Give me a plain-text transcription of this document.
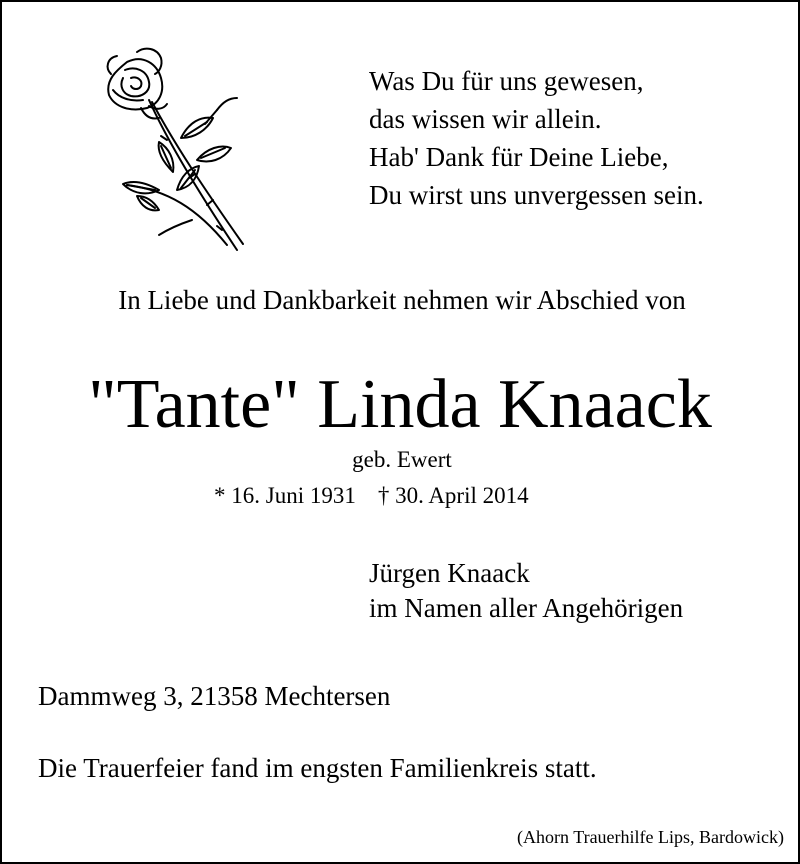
Was Du für uns gewesen,
das wissen wir allein.
Hab' Dank für Deine Liebe,
Du wirst uns unvergessen sein.
In Liebe und Dankbarkeit nehmen wir Abschied von
"Tante" Linda Knaack
geb. Ewert
* 16. Juni 1931 † 30. April 2014
Jürgen Knaack
im Namen aller Angehörigen
Dammweg 3, 21358 Mechtersen
Die Trauerfeier fand im engsten Familienkreis statt.
(Ahorn Trauerhilfe Lips, Bardowick)
